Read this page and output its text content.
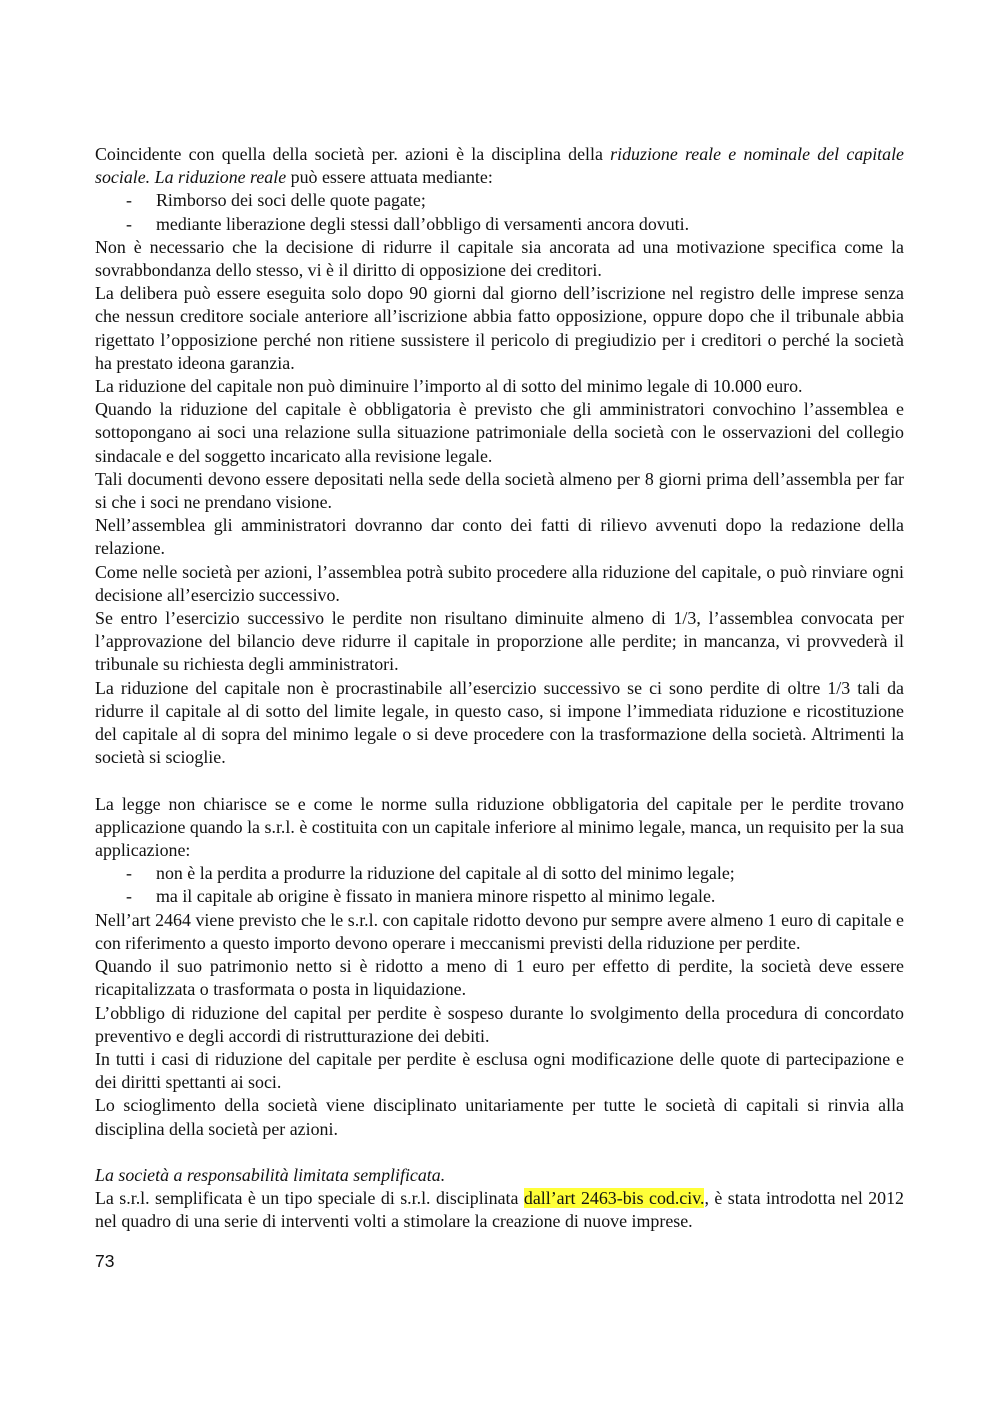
Coincidente con quella della società per. azioni è la disciplina della riduzione reale e nominale del capitale sociale. La riduzione reale può essere attuata mediante:

- Rimborso dei soci delle quote pagate;
- mediante liberazione degli stessi dall’obbligo di versamenti ancora dovuti.

Non è necessario che la decisione di ridurre il capitale sia ancorata ad una motivazione specifica come la sovrabbondanza dello stesso, vi è il diritto di opposizione dei creditori.

La delibera può essere eseguita solo dopo 90 giorni dal giorno dell’iscrizione nel registro delle imprese senza che nessun creditore sociale anteriore all’iscrizione abbia fatto opposizione, oppure dopo che il tribunale abbia rigettato l’opposizione perché non ritiene sussistere il pericolo di pregiudizio per i creditori o perché la società ha prestato ideona garanzia.

La riduzione del capitale non può diminuire l’importo al di sotto del minimo legale di 10.000 euro.

Quando la riduzione del capitale è obbligatoria è previsto che gli amministratori convochino l’assemblea e sottopongano ai soci una relazione sulla situazione patrimoniale della società con le osservazioni del collegio sindacale e del soggetto incaricato alla revisione legale.

Tali documenti devono essere depositati nella sede della società almeno per 8 giorni prima dell’assembla per far si che i soci ne prendano visione.

Nell’assemblea gli amministratori dovranno dar conto dei fatti di rilievo avvenuti dopo la redazione della relazione.

Come nelle società per azioni, l’assemblea potrà subito procedere alla riduzione del capitale, o può rinviare ogni decisione all’esercizio successivo.

Se entro l’esercizio successivo le perdite non risultano diminuite almeno di 1/3, l’assemblea convocata per l’approvazione del bilancio deve ridurre il capitale in proporzione alle perdite; in mancanza, vi provvederà il tribunale su richiesta degli amministratori.

La riduzione del capitale non è procrastinabile all’esercizio successivo se ci sono perdite di oltre 1/3 tali da ridurre il capitale al di sotto del limite legale, in questo caso, si impone l’immediata riduzione e ricostituzione del capitale al di sopra del minimo legale o si deve procedere con la trasformazione della società. Altrimenti la società si scioglie.

La legge non chiarisce se e come le norme sulla riduzione obbligatoria del capitale per le perdite trovano applicazione quando la s.r.l. è costituita con un capitale inferiore al minimo legale, manca, un requisito per la sua applicazione:

- non è la perdita a produrre la riduzione del capitale al di sotto del minimo legale;
- ma il capitale ab origine è fissato in maniera minore rispetto al minimo legale.

Nell’art 2464 viene previsto che le s.r.l. con capitale ridotto devono pur sempre avere almeno 1 euro di capitale e con riferimento a questo importo devono operare i meccanismi previsti della riduzione per perdite.

Quando il suo patrimonio netto si è ridotto a meno di 1 euro per effetto di perdite, la società deve essere ricapitalizzata o trasformata o posta in liquidazione.

L’obbligo di riduzione del capital per perdite è sospeso durante lo svolgimento della procedura di concordato preventivo e degli accordi di ristrutturazione dei debiti.

In tutti i casi di riduzione del capitale per perdite è esclusa ogni modificazione delle quote di partecipazione e dei diritti spettanti ai soci.

Lo scioglimento della società viene disciplinato unitariamente per tutte le società di capitali si rinvia alla disciplina della società per azioni.

La società a responsabilità limitata semplificata.

La s.r.l. semplificata è un tipo speciale di s.r.l. disciplinata dall’art 2463-bis cod.civ., è stata introdotta nel 2012 nel quadro di una serie di interventi volti a stimolare la creazione di nuove imprese.

73
